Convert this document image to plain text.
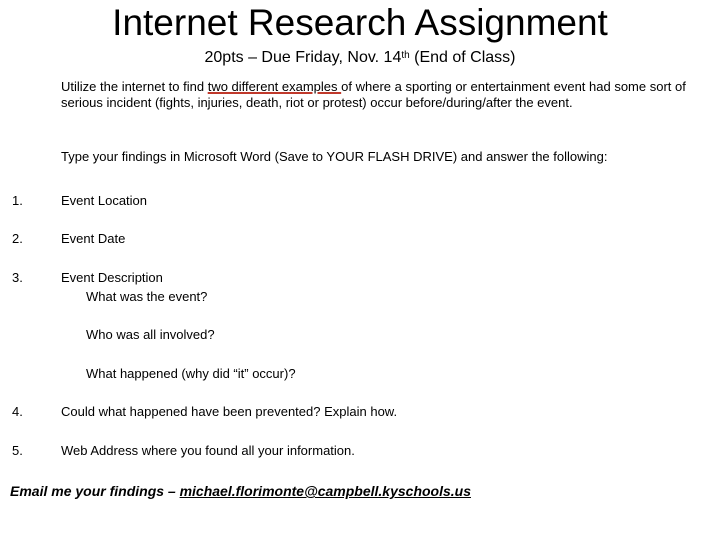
Internet Research Assignment
20pts – Due Friday, Nov. 14th (End of Class)
Utilize the internet to find two different examples of where a sporting or entertainment event had some sort of serious incident (fights, injuries, death, riot or protest) occur before/during/after the event.
Type your findings in Microsoft Word (Save to YOUR FLASH DRIVE) and answer the following:
1.	Event Location
2.	Event Date
3.	Event Description
What was the event?
Who was all involved?
What happened (why did “it” occur)?
4.	Could what happened have been prevented? Explain how.
5.	Web Address where you found all your information.
Email me your findings – michael.florimonte@campbell.kyschools.us
